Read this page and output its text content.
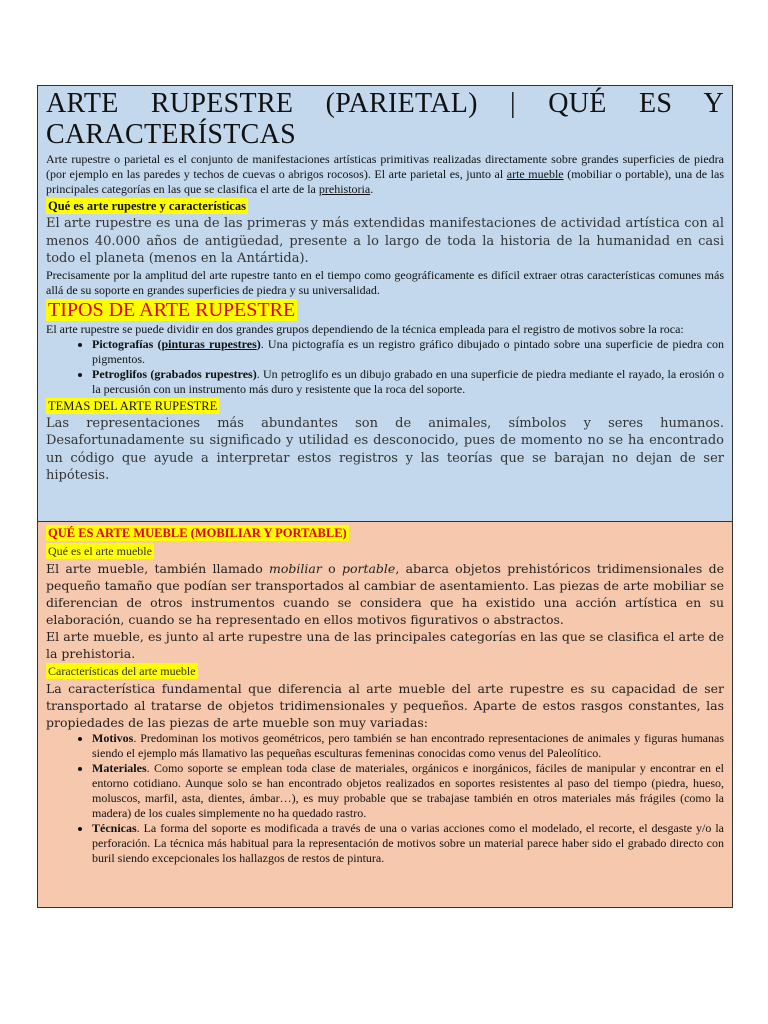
ARTE RUPESTRE (PARIETAL) | QUÉ ES Y CARACTERÍSTCAS

Arte rupestre o parietal es el conjunto de manifestaciones artísticas primitivas realizadas directamente sobre grandes superficies de piedra (por ejemplo en las paredes y techos de cuevas o abrigos rocosos). El arte parietal es, junto al arte mueble (mobiliar o portable), una de las principales categorías en las que se clasifica el arte de la prehistoria.

Qué es arte rupestre y características

El arte rupestre es una de las primeras y más extendidas manifestaciones de actividad artística con al menos 40.000 años de antigüedad, presente a lo largo de toda la historia de la humanidad en casi todo el planeta (menos en la Antártida).

Precisamente por la amplitud del arte rupestre tanto en el tiempo como geográficamente es difícil extraer otras características comunes más allá de su soporte en grandes superficies de piedra y su universalidad.

TIPOS DE ARTE RUPESTRE

El arte rupestre se puede dividir en dos grandes grupos dependiendo de la técnica empleada para el registro de motivos sobre la roca:

• Pictografías (pinturas rupestres). Una pictografía es un registro gráfico dibujado o pintado sobre una superficie de piedra con pigmentos.
• Petroglifos (grabados rupestres). Un petroglifo es un dibujo grabado en una superficie de piedra mediante el rayado, la erosión o la percusión con un instrumento más duro y resistente que la roca del soporte.
TEMAS DEL ARTE RUPESTRE

Las representaciones más abundantes son de animales, símbolos y seres humanos. Desafortunadamente su significado y utilidad es desconocido, pues de momento no se ha encontrado un código que ayude a interpretar estos registros y las teorías que se barajan no dejan de ser hipótesis.

QUÉ ES ARTE MUEBLE (MOBILIAR Y PORTABLE)
Qué es el arte mueble

El arte mueble, también llamado mobiliar o portable, abarca objetos prehistóricos tridimensionales de pequeño tamaño que podían ser transportados al cambiar de asentamiento. Las piezas de arte mobiliar se diferencian de otros instrumentos cuando se considera que ha existido una acción artística en su elaboración, cuando se ha representado en ellos motivos figurativos o abstractos.

El arte mueble, es junto al arte rupestre una de las principales categorías en las que se clasifica el arte de la prehistoria.

Características del arte mueble

La característica fundamental que diferencia al arte mueble del arte rupestre es su capacidad de ser transportado al tratarse de objetos tridimensionales y pequeños. Aparte de estos rasgos constantes, las propiedades de las piezas de arte mueble son muy variadas:

• Motivos. Predominan los motivos geométricos, pero también se han encontrado representaciones de animales y figuras humanas siendo el ejemplo más llamativo las pequeñas esculturas femeninas conocidas como venus del Paleolítico.
• Materiales. Como soporte se emplean toda clase de materiales, orgánicos e inorgánicos, fáciles de manipular y encontrar en el entorno cotidiano. Aunque solo se han encontrado objetos realizados en soportes resistentes al paso del tiempo (piedra, hueso, moluscos, marfil, asta, dientes, ámbar…), es muy probable que se trabajase también en otros materiales más frágiles (como la madera) de los cuales simplemente no ha quedado rastro.
• Técnicas. La forma del soporte es modificada a través de una o varias acciones como el modelado, el recorte, el desgaste y/o la perforación. La técnica más habitual para la representación de motivos sobre un material parece haber sido el grabado directo con buril siendo excepcionales los hallazgos de restos de pintura.
